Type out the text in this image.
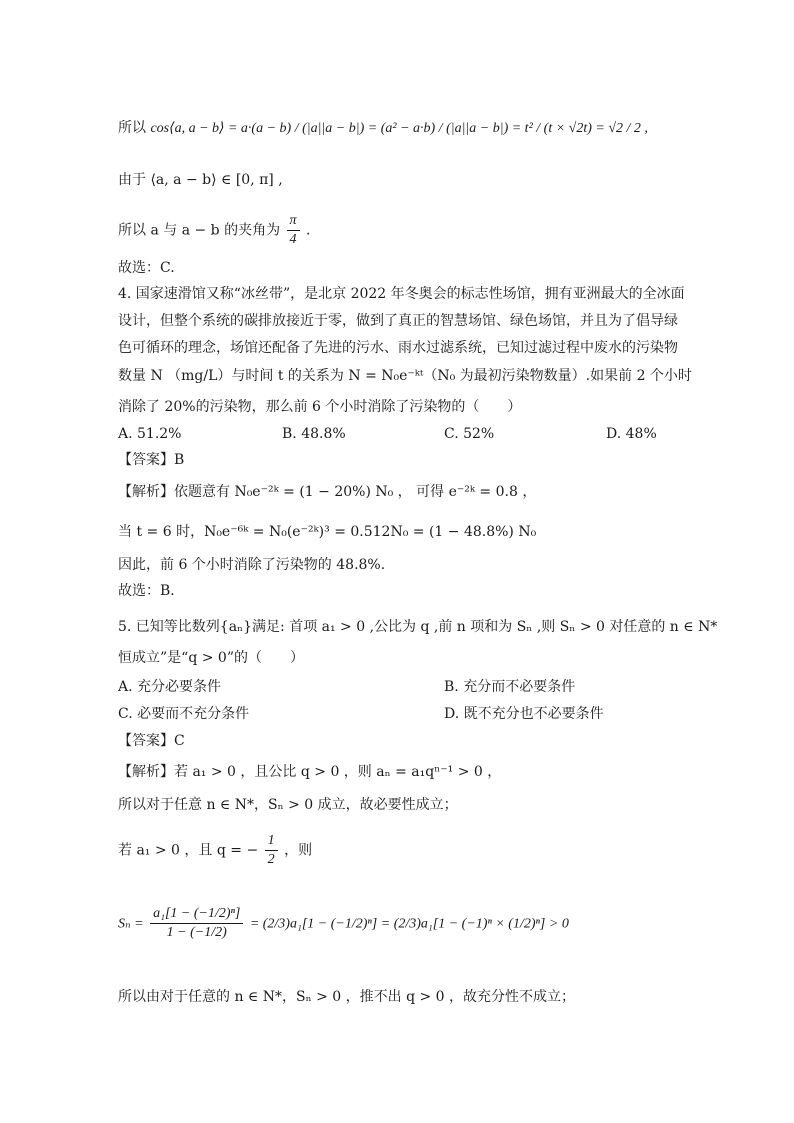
所以 cos⟨a, a − b⟩ = a·(a − b) / (|a||a − b|) = (a² − a·b) / (|a||a − b|) = t² / (t × √2t) = √2 / 2 ,
由于 ⟨a, a − b⟩ ∈ [0, π] ,
所以 a 与 a − b 的夹角为 $\frac{\pi}{4}$ .
故选：C.
4. 国家速滑馆又称“冰丝带”，是北京 2022 年冬奥会的标志性场馆，拥有亚洲最大的全冰面
设计，但整个系统的碳排放接近于零，做到了真正的智慧场馆、绿色场馆，并且为了倡导绿
色可循环的理念，场馆还配备了先进的污水、雨水过滤系统，已知过滤过程中废水的污染物
数量 N （mg/L）与时间 t 的关系为 N = N₀e⁻ᵏᵗ（N₀ 为最初污染物数量）.如果前 2 个小时
消除了 20%的污染物，那么前 6 个小时消除了污染物的（　　）
A. 51.2%	B. 48.8%	C. 52%	D. 48%
【答案】B
【解析】依题意有 N₀e⁻²ᵏ = (1 − 20%) N₀ ， 可得 e⁻²ᵏ = 0.8 ，
当 t = 6 时，N₀e⁻⁶ᵏ = N₀(e⁻²ᵏ)³ = 0.512N₀ = (1 − 48.8%) N₀
因此，前 6 个小时消除了污染物的 48.8%.
故选：B．
5. 已知等比数列{aₙ}满足: 首项 a₁ > 0 ,公比为 q ,前 n 项和为 Sₙ ,则 Sₙ > 0 对任意的 n ∈ N*
恒成立”是“q > 0”的（　　）
A. 充分必要条件	B. 充分而不必要条件
C. 必要而不充分条件	D. 既不充分也不必要条件
【答案】C
【解析】若 a₁ > 0 ，且公比 q > 0 ，则 aₙ = a₁qⁿ⁻¹ > 0 ，
所以对于任意 n ∈ N*，Sₙ > 0 成立，故必要性成立；
若 a₁ > 0 ，且 q = − $\frac{1}{2}$ ，则
$S_n = \frac{\text{a₁[1 − (−1/2)ⁿ]}}{1 - (-1/2)} = (2/3)a_1[1 - (-1/2)^n] = (2/3)a_1[1 - (-1)^n \times (1/2)^n] > 0$
所以由对于任意的 n ∈ N*，Sₙ > 0 ，推不出 q > 0 ，故充分性不成立；
